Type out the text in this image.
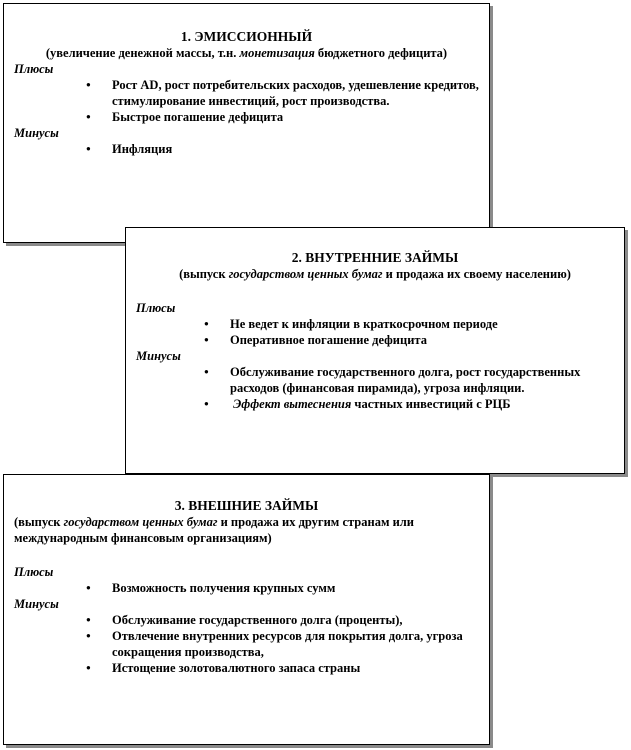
1. ЭМИССИОННЫЙ
(увеличение денежной массы, т.н. монетизация бюджетного дефицита)
Плюсы
● Рост AD, рост потребительских расходов, удешевление кредитов, стимулирование инвестиций, рост производства.
● Быстрое погашение дефицита
Минусы
● Инфляция
2. ВНУТРЕННИЕ ЗАЙМЫ
(выпуск государством ценных бумаг и продажа их своему населению)
Плюсы
● Не ведет к инфляции в краткосрочном периоде
● Оперативное погашение дефицита
Минусы
● Обслуживание государственного долга, рост государственных расходов (финансовая пирамида), угроза инфляции.
● Эффект вытеснения частных инвестиций с РЦБ
3. ВНЕШНИЕ ЗАЙМЫ
(выпуск государством ценных бумаг и продажа их другим странам или международным финансовым организациям)
Плюсы
● Возможность получения крупных сумм
Минусы
● Обслуживание государственного долга (проценты),
● Отвлечение внутренних ресурсов для покрытия долга, угроза сокращения производства,
● Истощение золотовалютного запаса страны
